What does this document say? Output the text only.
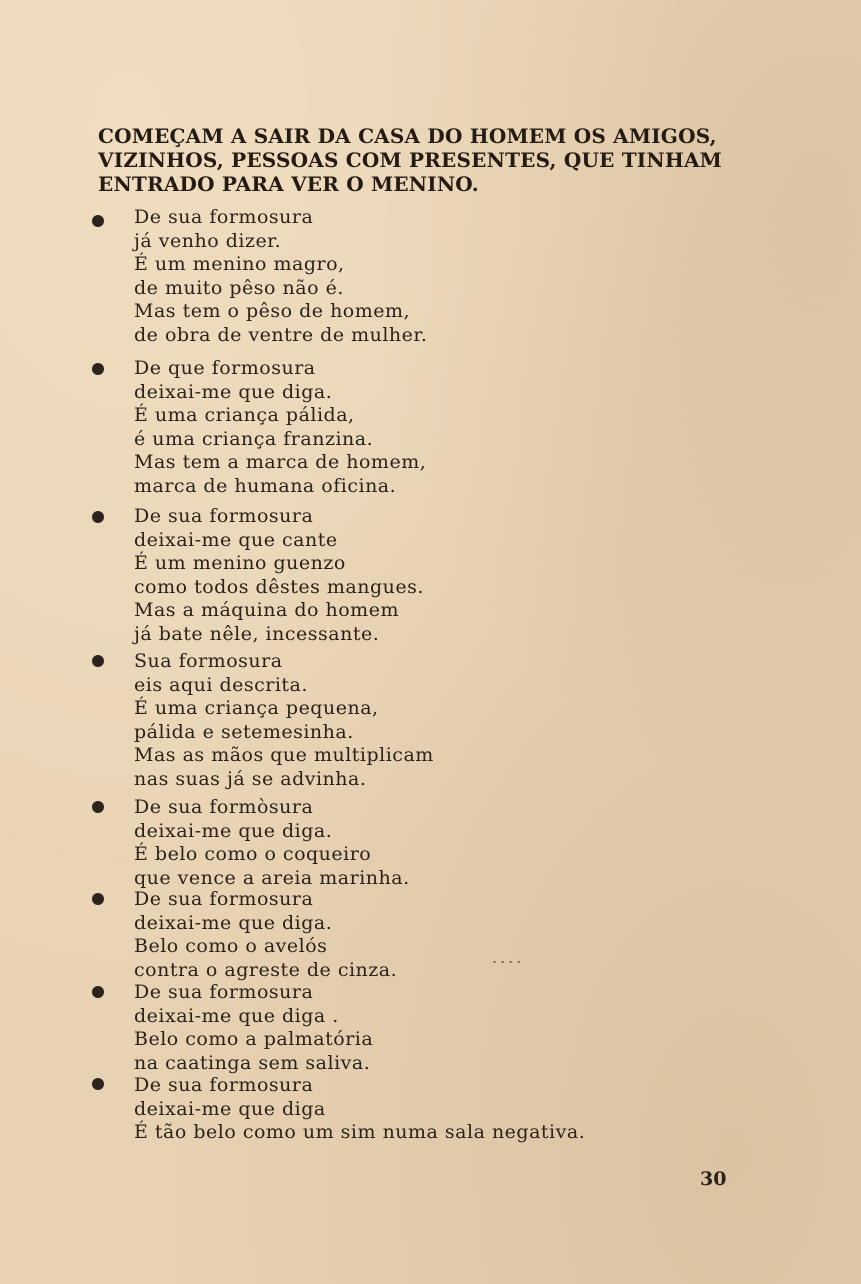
COMEÇAM A SAIR DA CASA DO HOMEM OS AMIGOS,
VIZINHOS, PESSOAS COM PRESENTES, QUE TINHAM
ENTRADO PARA VER O MENINO.
De sua formosura
já venho dizer.
É um menino magro,
de muito pêso não é.
Mas tem o pêso de homem,
de obra de ventre de mulher.
De que formosura
deixai-me que diga.
É uma criança pálida,
é uma criança franzina.
Mas tem a marca de homem,
marca de humana oficina.
De sua formosura
deixai-me que cante
É um menino guenzo
como todos dêstes mangues.
Mas a máquina do homem
já bate nêle, incessante.
Sua formosura
eis aqui descrita.
É uma criança pequena,
pálida e setemesinha.
Mas as mãos que multiplicam
nas suas já se advinha.
De sua formòsura
deixai-me que diga.
É belo como o coqueiro
que vence a areia marinha.
De sua formosura
deixai-me que diga.
Belo como o avelós
contra o agreste de cinza.
....
De sua formosura
deixai-me que diga .
Belo como a palmatória
na caatinga sem saliva.
De sua formosura
deixai-me que diga
É tão belo como um sim numa sala negativa.
30
